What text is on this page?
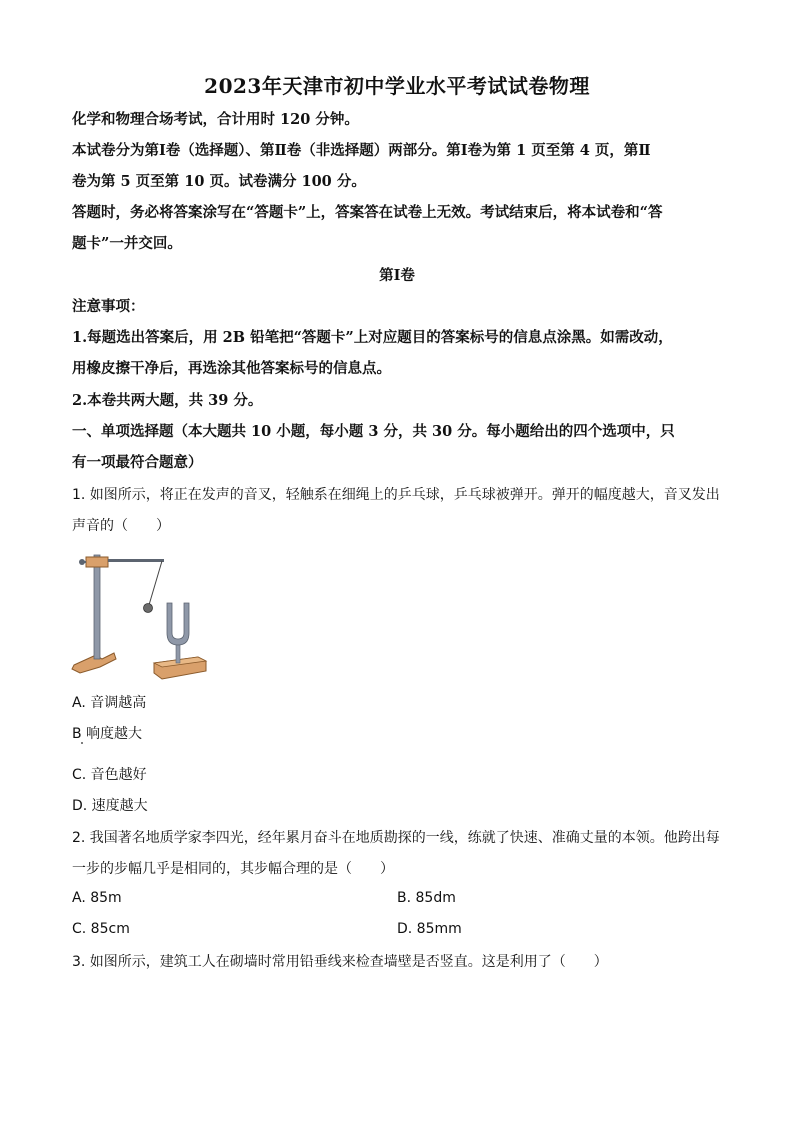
2023年天津市初中学业水平考试试卷物理
化学和物理合场考试，合计用时 120 分钟。
本试卷分为第Ⅰ卷（选择题）、第Ⅱ卷（非选择题）两部分。第Ⅰ卷为第 1 页至第 4 页，第Ⅱ
卷为第 5 页至第 10 页。试卷满分 100 分。
答题时，务必将答案涂写在“答题卡”上，答案答在试卷上无效。考试结束后，将本试卷和“答
题卡”一并交回。
第Ⅰ卷
注意事项：
1.每题选出答案后，用 2B 铅笔把“答题卡”上对应题目的答案标号的信息点涂黑。如需改动，
用橡皮擦干净后，再选涂其他答案标号的信息点。
2.本卷共两大题，共 39 分。
一、单项选择题（本大题共 10 小题，每小题 3 分，共 30 分。每小题给出的四个选项中，只
有一项最符合题意）
1. 如图所示，将正在发声的音叉，轻触系在细绳上的乒乓球，乒乓球被弹开。弹开的幅度越大，音叉发出
声音的（　　）
A. 音调越高
B 响度越大
C. 音色越好
D. 速度越大
2. 我国著名地质学家李四光，经年累月奋斗在地质勘探的一线，练就了快速、准确丈量的本领。他跨出每
一步的步幅几乎是相同的，其步幅合理的是（　　）
A. 85m	B. 85dm
C. 85cm	D. 85mm
3. 如图所示，建筑工人在砌墙时常用铅垂线来检查墙壁是否竖直。这是利用了（　　）
